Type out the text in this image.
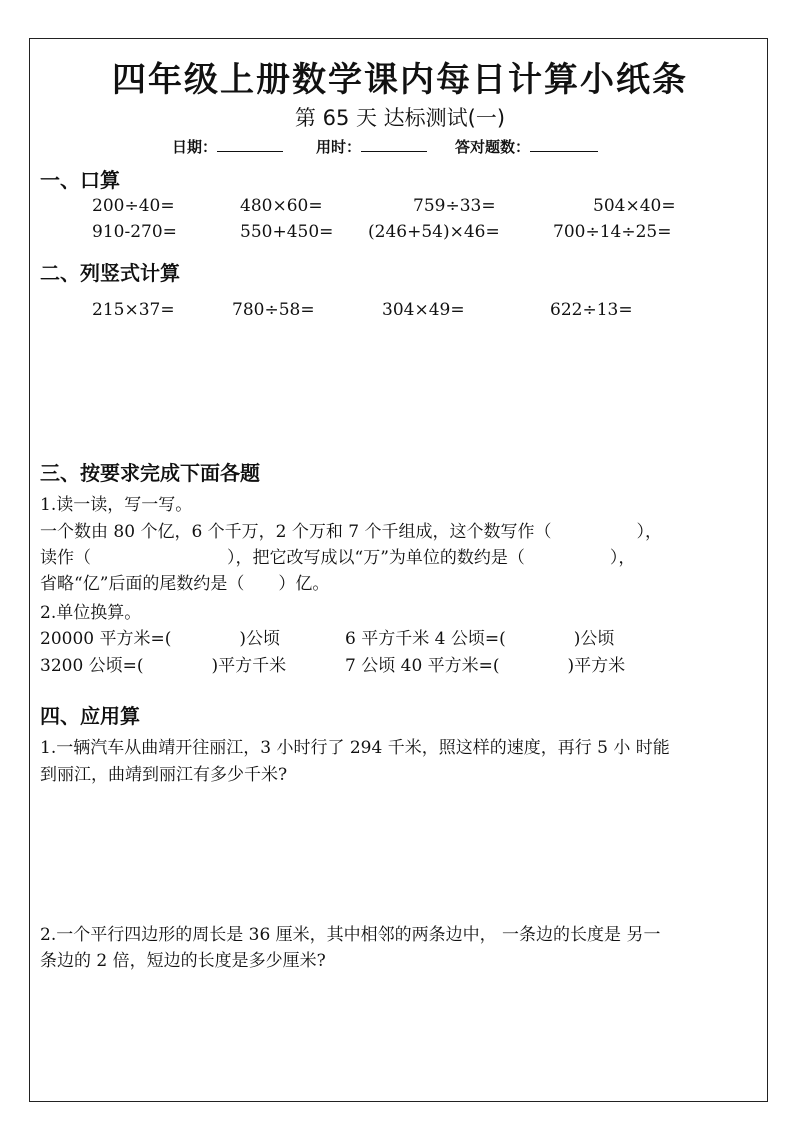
四年级上册数学课内每日计算小纸条
第 65 天 达标测试(一)
日期：	用时：	答对题数：
一、口算
200÷40=	480×60=	759÷33=	504×40=
910-270=	550+450= (246+54)×46=	700÷14÷25=
二、列竖式计算
215×37=	780÷58=	304×49=	622÷13=
三、按要求完成下面各题
1.读一读，写一写。
一个数由 80 个亿，6 个千万，2 个万和 7 个千组成，这个数写作（　　　　　），
读作（　　　　　　　　），把它改写成以“万”为单位的数约是（　　　　　），
省略“亿”后面的尾数约是（　　）亿。
2.单位换算。
20000 平方米=(　　　　)公顷	6 平方千米 4 公顷=(　　　　)公顷
3200 公顷=(　　　　)平方千米	7 公顷 40 平方米=(　　　　)平方米
四、应用算
1.一辆汽车从曲靖开往丽江，3 小时行了 294 千米，照这样的速度，再行 5 小 时能
到丽江，曲靖到丽江有多少千米?
2.一个平行四边形的周长是 36 厘米，其中相邻的两条边中， 一条边的长度是 另一
条边的 2 倍，短边的长度是多少厘米?
